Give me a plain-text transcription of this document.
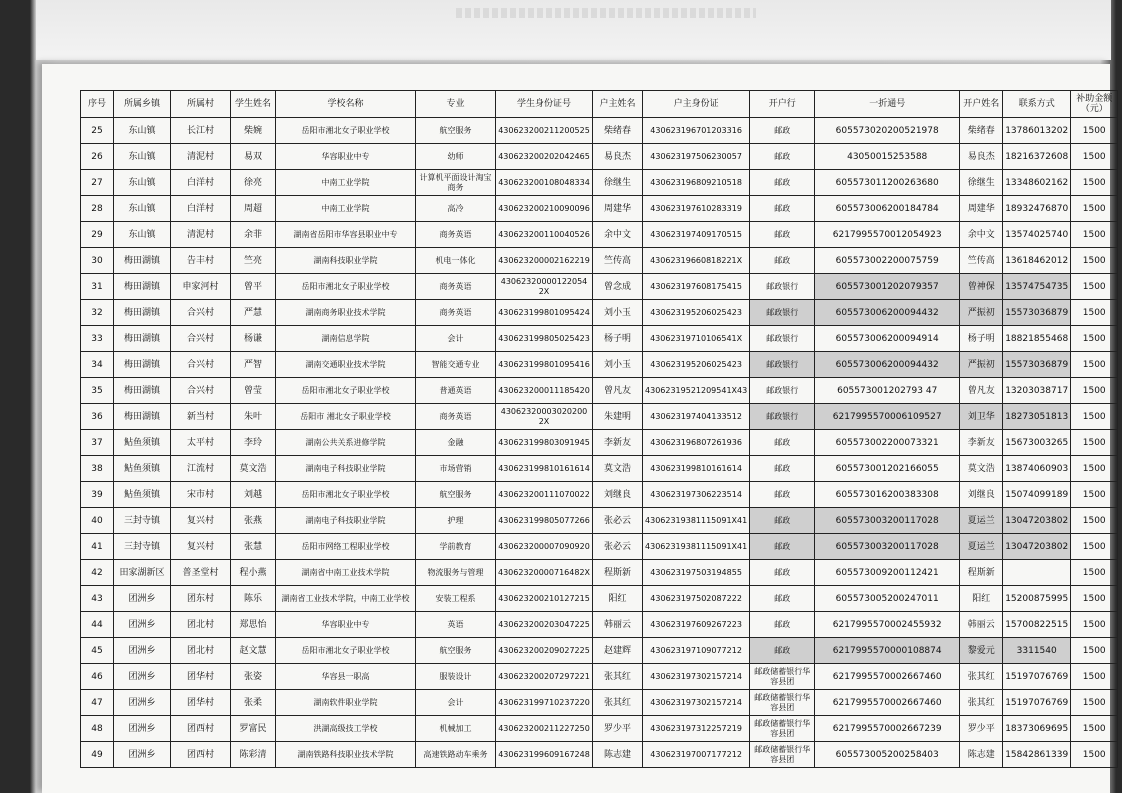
序号	所属乡镇	所属村	学生姓名	学校名称	专业	学生身份证号	户主姓名	户主身份证	开户行	一折通号	开户姓名	联系方式	补助金额（元）
25	东山镇	长江村	柴婉	岳阳市湘北女子职业学校	航空服务	430623200211200525	柴绪春	430623196701203316	邮政	605573020200521978	柴绪春	13786013202	1500
26	东山镇	清泥村	易双	华容职业中专	幼师	430623200202042465	易良杰	430623197506230057	邮政	43050015253588	易良杰	18216372608	1500
27	东山镇	白洋村	徐亮	中南工业学院	计算机平面设计淘宝商务	430623200108048334	徐继生	430623196809210518	邮政	605573011200263680	徐继生	13348602162	1500
28	东山镇	白洋村	周超	中南工业学院	高冷	430623200210090096	周建华	430623197610283319	邮政	605573006200184784	周建华	18932476870	1500
29	东山镇	清泥村	余菲	湖南省岳阳市华容县职业中专	商务英语	430623200110040526	余中文	430623197409170515	邮政	6217995570012054923	余中文	13574025740	1500
30	梅田湖镇	告丰村	竺亮	湖南科技职业学院	机电一体化	430623200002162219	竺传高	43062319660818221X	邮政	605573002200075759	竺传高	13618462012	1500
31	梅田湖镇	申家河村	曾平	岳阳市湘北女子职业学校	商务英语	43062320000122054 2X	曾念成	430623197608175415	邮政银行	605573001202079357	曾神保	13574754735	1500
32	梅田湖镇	合兴村	严慧	湖南商务职业技术学院	商务英语	430623199801095424	刘小玉	430623195206025423	邮政银行	605573006200094432	严振初	15573036879	1500
33	梅田湖镇	合兴村	杨谦	湖南信息学院	会计	430623199805025423	杨子明	43062319710106541X	邮政银行	605573006200094914	杨子明	18821855468	1500
34	梅田湖镇	合兴村	严智	湖南交通职业技术学院	智能交通专业	430623199801095416	刘小玉	430623195206025423	邮政银行	605573006200094432	严振初	15573036879	1500
35	梅田湖镇	合兴村	曾莹	岳阳市湘北女子职业学校	普通英语	430623200011185420	曾凡友	43062319521209541X43	邮政银行	605573001202793 47	曾凡友	13203038717	1500
36	梅田湖镇	新当村	朱叶	岳阳市 湘北女子职业学校	商务英语	43062320003020200 2X	朱建明	430623197404133512	邮政银行	6217995570006109527	刘卫华	18273051813	1500
37	鲇鱼须镇	太平村	李玲	湖南公共关系进修学院	金融	430623199803091945	李新友	430623196807261936	邮政	605573002200073321	李新友	15673003265	1500
38	鲇鱼须镇	江流村	莫文浩	湖南电子科技职业学院	市场营销	430623199810161614	莫文浩	430623199810161614	邮政	605573001202166055	莫文浩	13874060903	1500
39	鲇鱼须镇	宋市村	刘越	岳阳市湘北女子职业学校	航空服务	430623200111070022	刘继良	430623197306223514	邮政	605573016200383308	刘继良	15074099189	1500
40	三封寺镇	复兴村	张燕	湖南电子科技职业学院	护理	430623199805077266	张必云	43062319381115091X41	邮政	605573003200117028	夏运兰	13047203802	1500
41	三封寺镇	复兴村	张慧	岳阳市网络工程职业学校	学前教育	430623200007090920	张必云	43062319381115091X41	邮政	605573003200117028	夏运兰	13047203802	1500
42	田家湖新区	普圣堂村	程小燕	湖南省中南工业技术学院	物流服务与管理	43062320000716482X	程斯新	430623197503194855	邮政	605573009200112421	程斯新		1500
43	团洲乡	团东村	陈乐	湖南省工业技术学院，中南工业学校	安装工程系	430623200210127215	阳红	430623197502087222	邮政	605573005200247011	阳红	15200875995	1500
44	团洲乡	团北村	郑思怡	华容职业中专	英语	430623200203047225	韩丽云	430623197609267223	邮政	6217995570002455932	韩丽云	15700822515	1500
45	团洲乡	团北村	赵文慧	岳阳市湘北女子职业学校	航空服务	430623200209027225	赵建辉	430623197109077212	邮政	6217995570000108874	黎爱元	3311540	1500
46	团洲乡	团华村	张姿	华容县一职高	服装设计	430623200207297221	张其红	430623197302157214	邮政储蓄银行华容县团	6217995570002667460	张其红	15197076769	1500
47	团洲乡	团华村	张柔	湖南软件职业学院	会计	430623199710237220	张其红	430623197302157214	邮政储蓄银行华容县团	6217995570002667460	张其红	15197076769	1500
48	团洲乡	团西村	罗富民	洪湖高级技工学校	机械加工	430623200211227250	罗少平	430623197312257219	邮政储蓄银行华容县团	6217995570002667239	罗少平	18373069695	1500
49	团洲乡	团西村	陈彩清	湖南铁路科技职业技术学院	高速铁路动车乘务	430623199609167248	陈志建	430623197007177212	邮政储蓄银行华容县团	605573005200258403	陈志建	15842861339	1500
